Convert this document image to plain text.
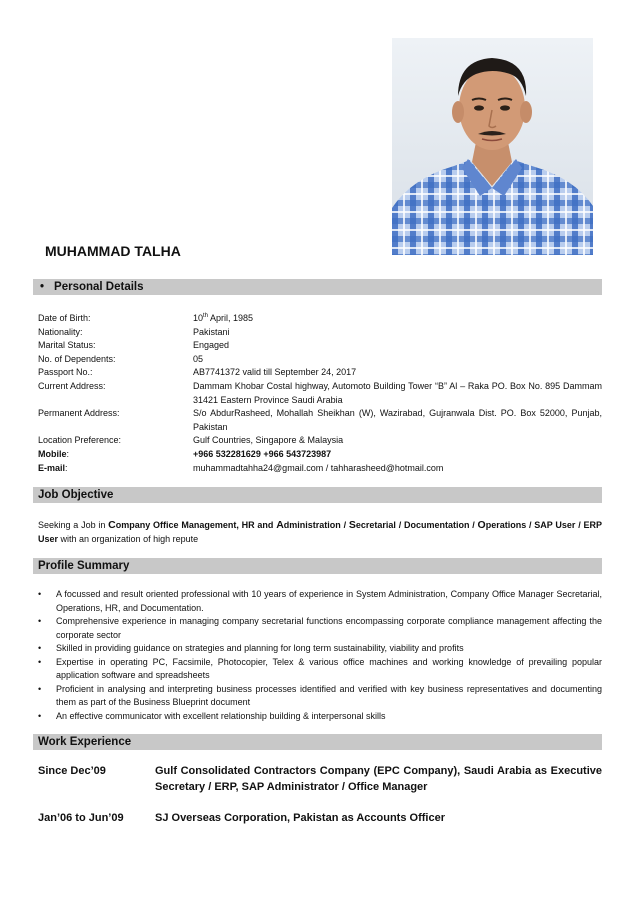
MUHAMMAD TALHA
• Personal Details
Date of Birth:	10th April, 1985
Nationality:	Pakistani
Marital Status:	Engaged
No. of Dependents:	05
Passport No.:	AB7741372 valid till September 24, 2017
Current Address:	Dammam Khobar Costal highway, Automoto Building Tower “B” Al – Raka PO. Box No. 895 Dammam 31421 Eastern Province Saudi Arabia
Permanent Address:	S/o AbdurRasheed, Mohallah Sheikhan (W), Wazirabad, Gujranwala Dist. PO. Box 52000, Punjab, Pakistan
Location Preference:	Gulf Countries, Singapore & Malaysia
Mobile:	+966 532281629 +966 543723987
E-mail:	muhammadtahha24@gmail.com / tahharasheed@hotmail.com
Job Objective
Seeking a Job in Company Office Management, HR and Administration / Secretarial / Documentation / Operations / SAP User / ERP User with an organization of high repute
Profile Summary
• A focussed and result oriented professional with 10 years of experience in System Administration, Company Office Manager Secretarial, Operations, HR, and Documentation.
• Comprehensive experience in managing company secretarial functions encompassing corporate compliance management affecting the corporate sector
• Skilled in providing guidance on strategies and planning for long term sustainability, viability and profits
• Expertise in operating PC, Facsimile, Photocopier, Telex & various office machines and working knowledge of prevailing popular application software and spreadsheets
• Proficient in analysing and interpreting business processes identified and verified with key business representatives and documenting them as part of the Business Blueprint document
• An effective communicator with excellent relationship building & interpersonal skills
Work Experience
Since Dec’09	Gulf Consolidated Contractors Company (EPC Company), Saudi Arabia as Executive Secretary / ERP, SAP Administrator / Office Manager
Jan’06 to Jun’09	SJ Overseas Corporation, Pakistan as Accounts Officer
